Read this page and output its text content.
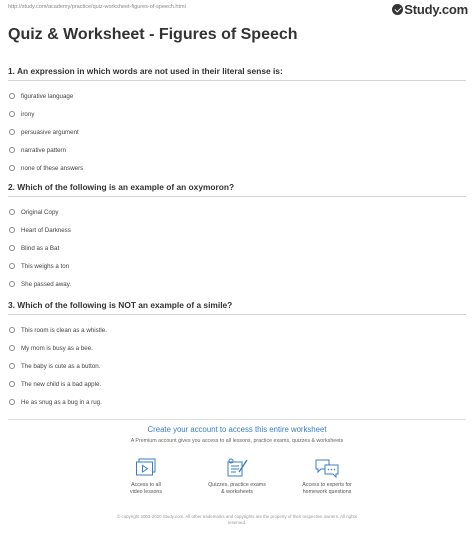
http://study.com/academy/practice/quiz-worksheet-figures-of-speech.html	Study.com
Quiz & Worksheet - Figures of Speech
1. An expression in which words are not used in their literal sense is:
figurative language
irony
persuasive argument
narrative pattern
none of these answers
2. Which of the following is an example of an oxymoron?
Original Copy
Heart of Darkness
Blind as a Bat
This weighs a ton
She passed away.
3. Which of the following is NOT an example of a simile?
This room is clean as a whistle.
My mom is busy as a bee.
The baby is cute as a button.
The new child is a bad apple.
He as snug as a bug in a rug.
Create your account to access this entire worksheet
A Premium account gives you access to all lessons, practice exams, quizzes & worksheets
Access to all
video lessons
Quizzes, practice exams
& worksheets
Access to experts for
homework questions
© copyright 2003-2020 Study.com. All other trademarks and copyrights are the property of their respective owners. All rights
reserved.
